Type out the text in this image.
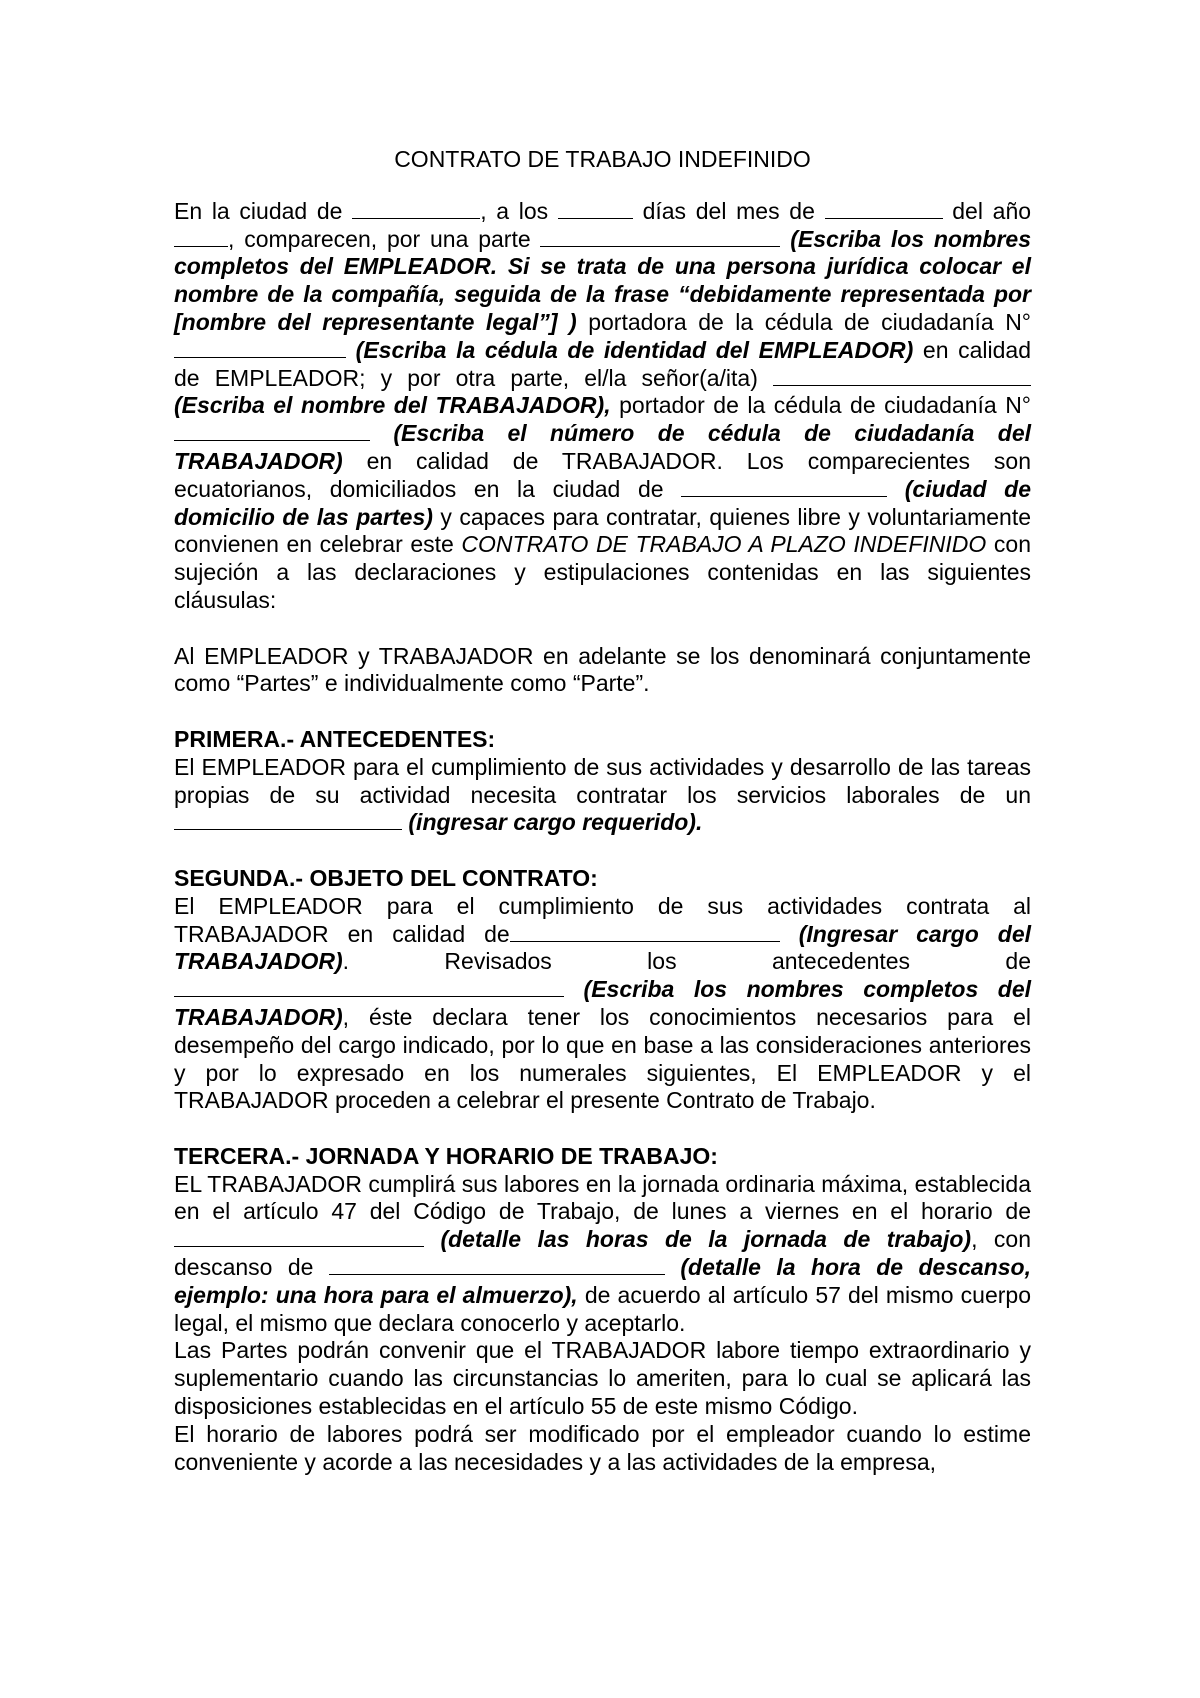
CONTRATO DE TRABAJO INDEFINIDO

En la ciudad de	, a los	días del mes de	del año , comparecen, por una parte	(Escriba los nombres completos del EMPLEADOR. Si se trata de una persona jurídica colocar el nombre de la compañía, seguida de la frase “debidamente representada por [nombre del representante legal”] ) portadora de la cédula de ciudadanía N°  (Escriba la cédula de identidad del EMPLEADOR) en calidad de EMPLEADOR; y por otra parte, el/la señor(a/ita)  (Escriba el nombre del TRABAJADOR), portador de la cédula de ciudadanía N° (Escriba el número de cédula de ciudadanía del TRABAJADOR) en calidad de TRABAJADOR. Los comparecientes son ecuatorianos, domiciliados en la ciudad de	(ciudad de domicilio de las partes) y capaces para contratar, quienes libre y voluntariamente convienen en celebrar este CONTRATO DE TRABAJO A PLAZO INDEFINIDO con sujeción a las declaraciones y estipulaciones contenidas en las siguientes cláusulas:

Al EMPLEADOR y TRABAJADOR en adelante se los denominará conjuntamente como “Partes” e individualmente como “Parte”.

PRIMERA.- ANTECEDENTES:

El EMPLEADOR para el cumplimiento de sus actividades y desarrollo de las tareas propias de su actividad necesita contratar los servicios laborales de un (ingresar cargo requerido).

SEGUNDA.- OBJETO DEL CONTRATO:

El EMPLEADOR para el cumplimiento de sus actividades contrata al TRABAJADOR en calidad de	(Ingresar cargo del TRABAJADOR). Revisados los antecedentes de  (Escriba los nombres completos del TRABAJADOR), éste declara tener los conocimientos necesarios para el desempeño del cargo indicado, por lo que en base a las consideraciones anteriores y por lo expresado en los numerales siguientes, El EMPLEADOR y el TRABAJADOR proceden a celebrar el presente Contrato de Trabajo.

TERCERA.- JORNADA Y HORARIO DE TRABAJO:

EL TRABAJADOR cumplirá sus labores en la jornada ordinaria máxima, establecida en el artículo 47 del Código de Trabajo, de lunes a viernes en el horario de  (detalle las horas de la jornada de trabajo), con descanso de	(detalle la hora de descanso, ejemplo: una hora para el almuerzo), de acuerdo al artículo 57 del mismo cuerpo legal, el mismo que declara conocerlo y aceptarlo.

Las Partes podrán convenir que el TRABAJADOR labore tiempo extraordinario y suplementario cuando las circunstancias lo ameriten, para lo cual se aplicará las disposiciones establecidas en el artículo 55 de este mismo Código.

El horario de labores podrá ser modificado por el empleador cuando lo estime conveniente y acorde a las necesidades y a las actividades de la empresa,
